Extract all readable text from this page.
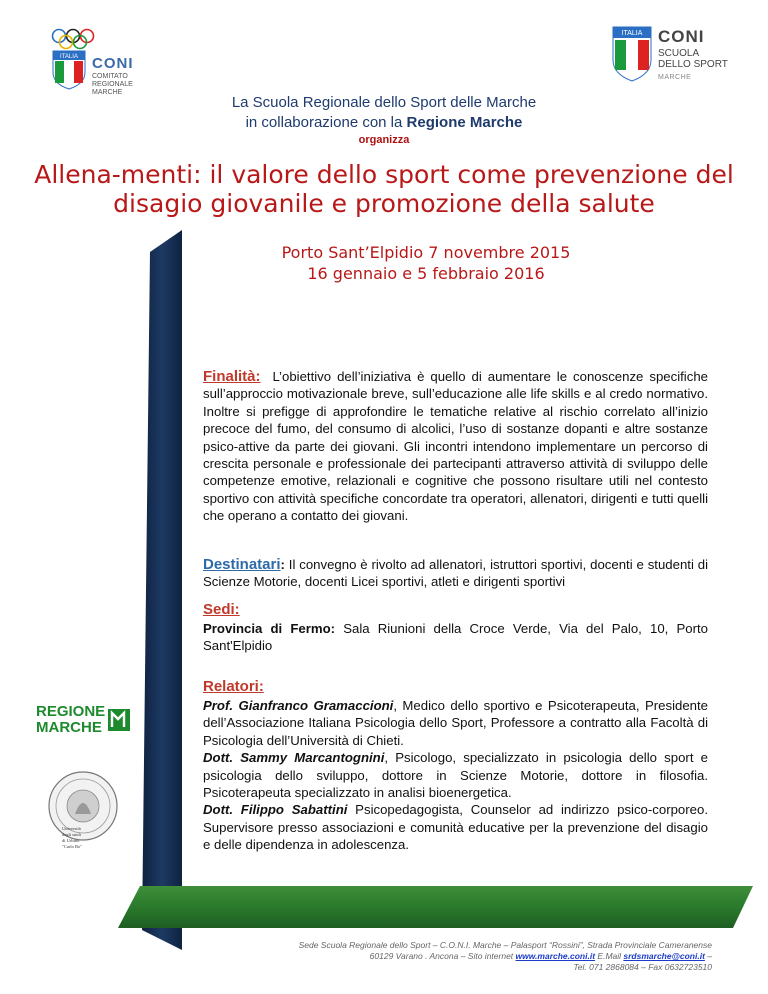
ITALIA CONI
COMITATO
REGIONALE
MARCHE
ITALIA CONI
SCUOLA
DELLO SPORT
MARCHE
La Scuola Regionale dello Sport delle Marche
in collaborazione con la Regione Marche
organizza
Allena-menti: il valore dello sport come prevenzione del
disagio giovanile e promozione della salute
Porto Sant’Elpidio 7 novembre 2015
16 gennaio e 5 febbraio 2016
Finalità: L’obiettivo dell’iniziativa è quello di aumentare le conoscenze specifiche sull’approccio motivazionale breve, sull’educazione alle life skills e al credo normativo. Inoltre si prefigge di approfondire le tematiche relative al rischio correlato all’inizio precoce del fumo, del consumo di alcolici, l’uso di sostanze dopanti e altre sostanze psico-attive da parte dei giovani. Gli incontri intendono implementare un percorso di crescita personale e professionale dei partecipanti attraverso attività di sviluppo delle competenze emotive, relazionali e cognitive che possono risultare utili nel contesto sportivo con attività specifiche concordate tra operatori, allenatori, dirigenti e tutti quelli che operano a contatto dei giovani.
Destinatari: Il convegno è rivolto ad allenatori, istruttori sportivi, docenti e studenti di Scienze Motorie, docenti Licei sportivi, atleti e dirigenti sportivi
Sedi:
Provincia di Fermo: Sala Riunioni della Croce Verde, Via del Palo, 10, Porto Sant'Elpidio
Relatori:
Prof. Gianfranco Gramaccioni, Medico dello sportivo e Psicoterapeuta, Presidente dell’Associazione Italiana Psicologia dello Sport, Professore a contratto alla Facoltà di Psicologia dell’Università di Chieti.
Dott. Sammy Marcantognini, Psicologo, specializzato in psicologia dello sport e psicologia dello sviluppo, dottore in Scienze Motorie, dottore in filosofia. Psicoterapeuta specializzato in analisi bioenergetica.
Dott. Filippo Sabattini Psicopedagogista, Counselor ad indirizzo psico-corporeo. Supervisore presso associazioni e comunità educative per la prevenzione del disagio e delle dipendenza in adolescenza.
REGIONE
MARCHE
Università
degli studi
di Urbino
"Carlo Bo"
Sede Scuola Regionale dello Sport – C.O.N.I. Marche – Palasport “Rossini”, Strada Provinciale Cameranense
60129 Varano . Ancona – Sito internet www.marche.coni.it E.Mail srdsmarche@coni.it –
Tel. 071 2868084 – Fax 0632723510
